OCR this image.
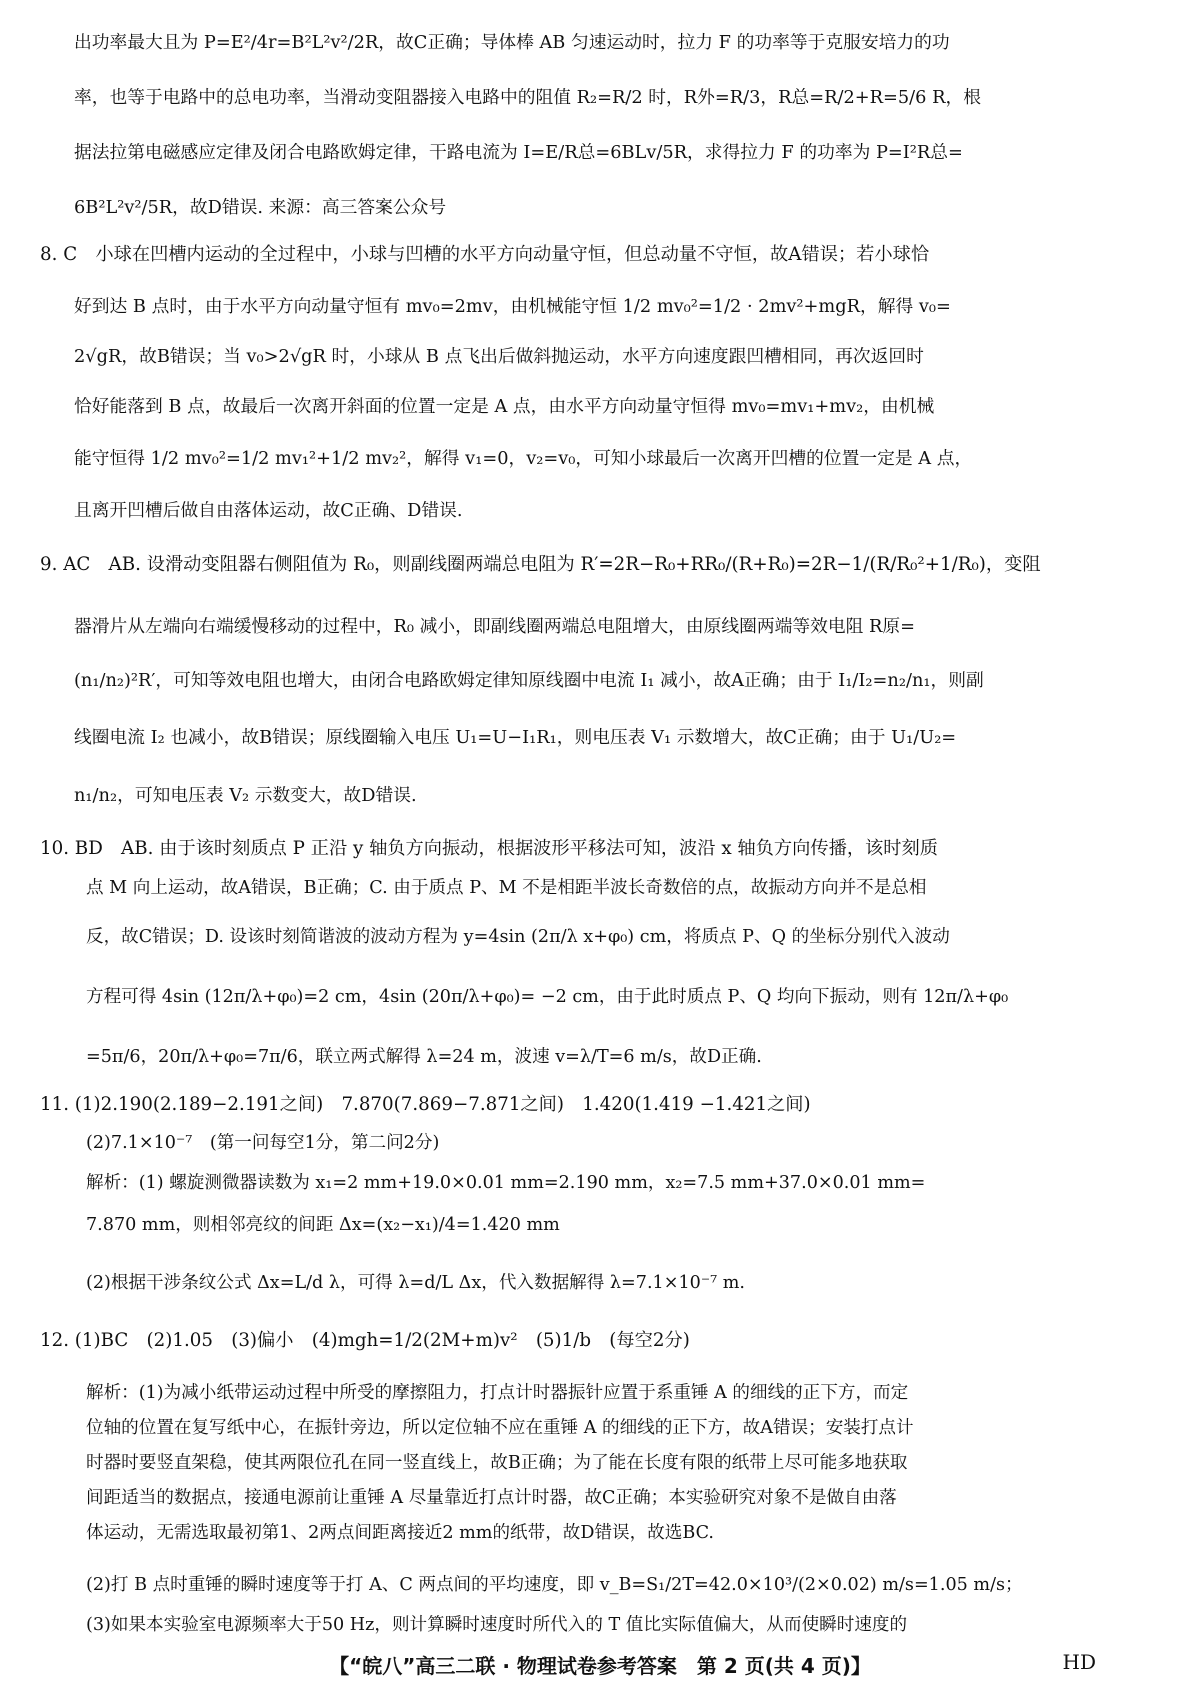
出功率最大且为 P=E²/4r=B²L²v²/2R，故C正确；导体棒 AB 匀速运动时，拉力 F 的功率等于克服安培力的功
率，也等于电路中的总电功率，当滑动变阻器接入电路中的阻值 R₂=R/2 时，R外=R/3，R总=R/2+R=5/6 R，根
据法拉第电磁感应定律及闭合电路欧姆定律，干路电流为 I=E/R总=6BLv/5R，求得拉力 F 的功率为 P=I²R总=
6B²L²v²/5R，故D错误. 来源：高三答案公众号
8. C　小球在凹槽内运动的全过程中，小球与凹槽的水平方向动量守恒，但总动量不守恒，故A错误；若小球恰
好到达 B 点时，由于水平方向动量守恒有 mv₀=2mv，由机械能守恒 1/2 mv₀²=1/2 · 2mv²+mgR，解得 v₀=
2√gR，故B错误；当 v₀>2√gR 时，小球从 B 点飞出后做斜抛运动，水平方向速度跟凹槽相同，再次返回时
恰好能落到 B 点，故最后一次离开斜面的位置一定是 A 点，由水平方向动量守恒得 mv₀=mv₁+mv₂，由机械
能守恒得 1/2 mv₀²=1/2 mv₁²+1/2 mv₂²，解得 v₁=0，v₂=v₀，可知小球最后一次离开凹槽的位置一定是 A 点，
且离开凹槽后做自由落体运动，故C正确、D错误.
9. AC　AB. 设滑动变阻器右侧阻值为 R₀，则副线圈两端总电阻为 R′=2R−R₀+RR₀/(R+R₀)=2R−1/(R/R₀²+1/R₀)，变阻
器滑片从左端向右端缓慢移动的过程中，R₀ 减小，即副线圈两端总电阻增大，由原线圈两端等效电阻 R原=
(n₁/n₂)²R′，可知等效电阻也增大，由闭合电路欧姆定律知原线圈中电流 I₁ 减小，故A正确；由于 I₁/I₂=n₂/n₁，则副
线圈电流 I₂ 也减小，故B错误；原线圈输入电压 U₁=U−I₁R₁，则电压表 V₁ 示数增大，故C正确；由于 U₁/U₂=
n₁/n₂，可知电压表 V₂ 示数变大，故D错误.
10. BD　AB. 由于该时刻质点 P 正沿 y 轴负方向振动，根据波形平移法可知，波沿 x 轴负方向传播，该时刻质
点 M 向上运动，故A错误，B正确；C. 由于质点 P、M 不是相距半波长奇数倍的点，故振动方向并不是总相
反，故C错误；D. 设该时刻简谐波的波动方程为 y=4sin (2π/λ x+φ₀) cm，将质点 P、Q 的坐标分别代入波动
方程可得 4sin (12π/λ+φ₀)=2 cm，4sin (20π/λ+φ₀)= −2 cm，由于此时质点 P、Q 均向下振动，则有 12π/λ+φ₀
=5π/6，20π/λ+φ₀=7π/6，联立两式解得 λ=24 m，波速 v=λ/T=6 m/s，故D正确.
11. (1)2.190(2.189−2.191之间)　7.870(7.869−7.871之间)　1.420(1.419 −1.421之间)
(2)7.1×10⁻⁷　(第一问每空1分，第二问2分)
解析：(1) 螺旋测微器读数为 x₁=2 mm+19.0×0.01 mm=2.190 mm，x₂=7.5 mm+37.0×0.01 mm=
7.870 mm，则相邻亮纹的间距 Δx=(x₂−x₁)/4=1.420 mm
(2)根据干涉条纹公式 Δx=L/d λ，可得 λ=d/L Δx，代入数据解得 λ=7.1×10⁻⁷ m.
12. (1)BC　(2)1.05　(3)偏小　(4)mgh=1/2(2M+m)v²　(5)1/b　(每空2分)
解析：(1)为减小纸带运动过程中所受的摩擦阻力，打点计时器振针应置于系重锤 A 的细线的正下方，而定
位轴的位置在复写纸中心，在振针旁边，所以定位轴不应在重锤 A 的细线的正下方，故A错误；安装打点计
时器时要竖直架稳，使其两限位孔在同一竖直线上，故B正确；为了能在长度有限的纸带上尽可能多地获取
间距适当的数据点，接通电源前让重锤 A 尽量靠近打点计时器，故C正确；本实验研究对象不是做自由落
体运动，无需选取最初第1、2两点间距离接近2 mm的纸带，故D错误，故选BC.
(2)打 B 点时重锤的瞬时速度等于打 A、C 两点间的平均速度，即 v_B=S₁/2T=42.0×10³/(2×0.02) m/s=1.05 m/s；
(3)如果本实验室电源频率大于50 Hz，则计算瞬时速度时所代入的 T 值比实际值偏大，从而使瞬时速度的
【“皖八”高三二联 · 物理试卷参考答案　第 2 页(共 4 页)】	HD
